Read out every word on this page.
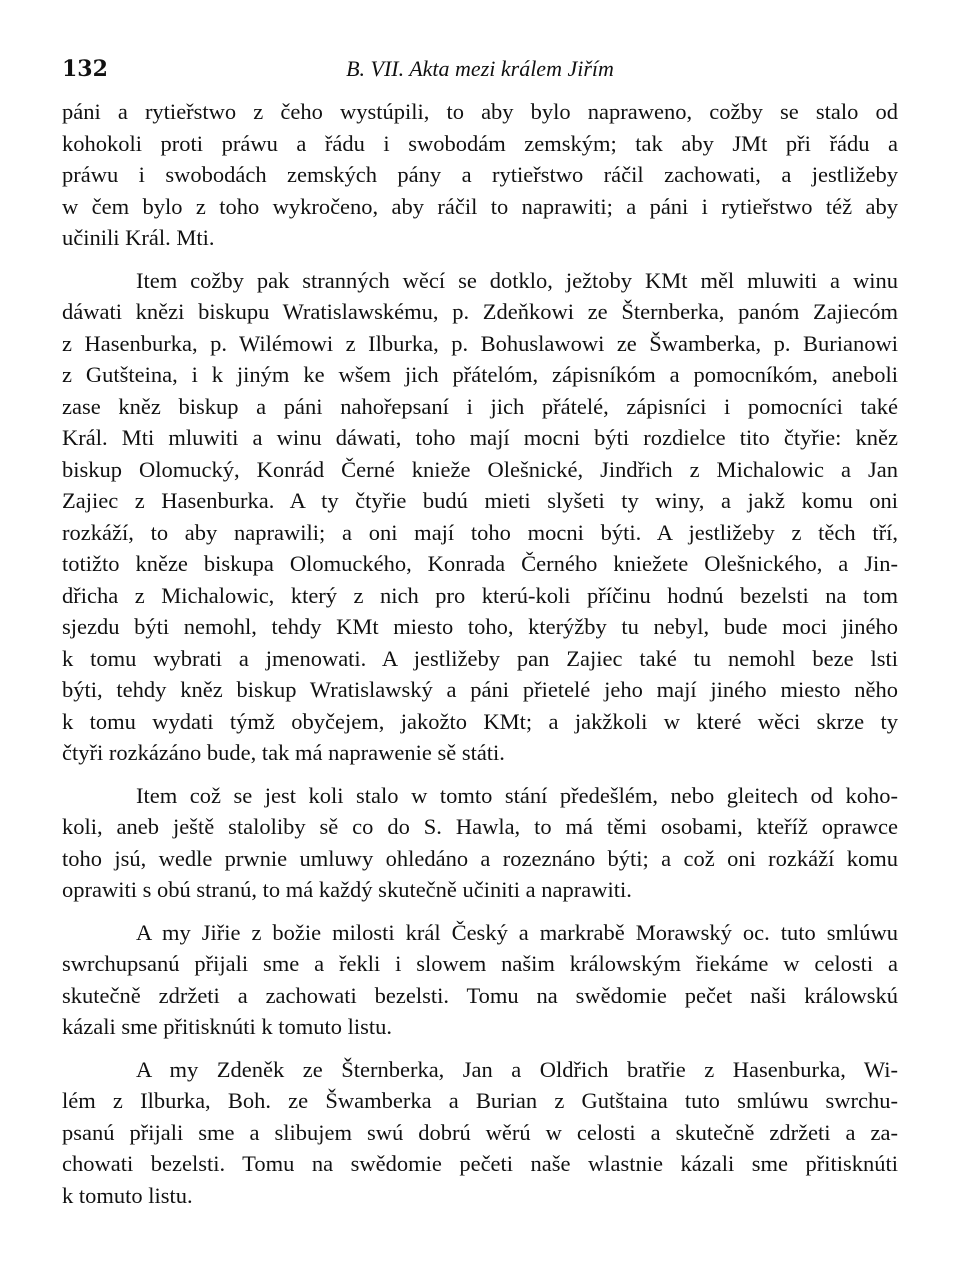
132	B. VII. Akta mezi králem Jiřím
páni a rytieřstwo z čeho wystúpili, to aby bylo napraweno, cožby se stalo od
kohokoli proti práwu a řádu i swobodám zemským; tak aby JMt při řádu a
práwu i swobodách zemských pány a rytieřstwo ráčil zachowati, a jestližeby
w čem bylo z toho wykročeno, aby ráčil to naprawiti; a páni i rytieřstwo též aby
učinili Král. Mti.
Item cožby pak stranných wěcí se dotklo, ježtoby KMt měl mluwiti a winu
dáwati knězi biskupu Wratislawskému, p. Zdeňkowi ze Šternberka, panóm Zajiecóm
z Hasenburka, p. Wilémowi z Ilburka, p. Bohuslawowi ze Šwamberka, p. Burianowi
z Gutšteina, i k jiným ke wšem jich přátelóm, zápisníkóm a pomocníkóm, aneboli
zase kněz biskup a páni nahořepsaní i jich přátelé, zápisníci i pomocníci také
Král. Mti mluwiti a winu dáwati, toho mají mocni býti rozdielce tito čtyřie: kněz
biskup Olomucký, Konrád Černé knieže Olešnické, Jindřich z Michalowic a Jan
Zajiec z Hasenburka. A ty čtyřie budú mieti slyšeti ty winy, a jakž komu oni
rozkáží, to aby naprawili; a oni mají toho mocni býti. A jestližeby z těch tří,
totižto kněze biskupa Olomuckého, Konrada Černého kniežete Olešnického, a Jin-
dřicha z Michalowic, který z nich pro kterú-koli příčinu hodnú bezelsti na tom
sjezdu býti nemohl, tehdy KMt miesto toho, kterýžby tu nebyl, bude moci jiného
k tomu wybrati a jmenowati. A jestližeby pan Zajiec také tu nemohl beze lsti
býti, tehdy kněz biskup Wratislawský a páni přietelé jeho mají jiného miesto něho
k tomu wydati týmž obyčejem, jakožto KMt; a jakžkoli w které wěci skrze ty
čtyři rozkázáno bude, tak má naprawenie sě státi.
Item což se jest koli stalo w tomto stání předešlém, nebo gleitech od koho-
koli, aneb ještě staloliby sě co do S. Hawla, to má těmi osobami, kteříž oprawce
toho jsú, wedle prwnie umluwy ohledáno a rozeznáno býti; a což oni rozkáží komu
oprawiti s obú stranú, to má každý skutečně učiniti a naprawiti.
A my Jiřie z božie milosti král Český a markrabě Morawský oc. tuto smlúwu
swrchupsanú přijali sme a řekli i slowem našim králowským řiekáme w celosti a
skutečně zdržeti a zachowati bezelsti. Tomu na swědomie pečet naši králowskú
kázali sme přitisknúti k tomuto listu.
A my Zdeněk ze Šternberka, Jan a Oldřich bratřie z Hasenburka, Wi-
lém z Ilburka, Boh. ze Šwamberka a Burian z Gutštaina tuto smlúwu swrchu-
psanú přijali sme a slibujem swú dobrú wěrú w celosti a skutečně zdržeti a za-
chowati bezelsti. Tomu na swědomie pečeti naše wlastnie kázali sme přitisknúti
k tomuto listu.
